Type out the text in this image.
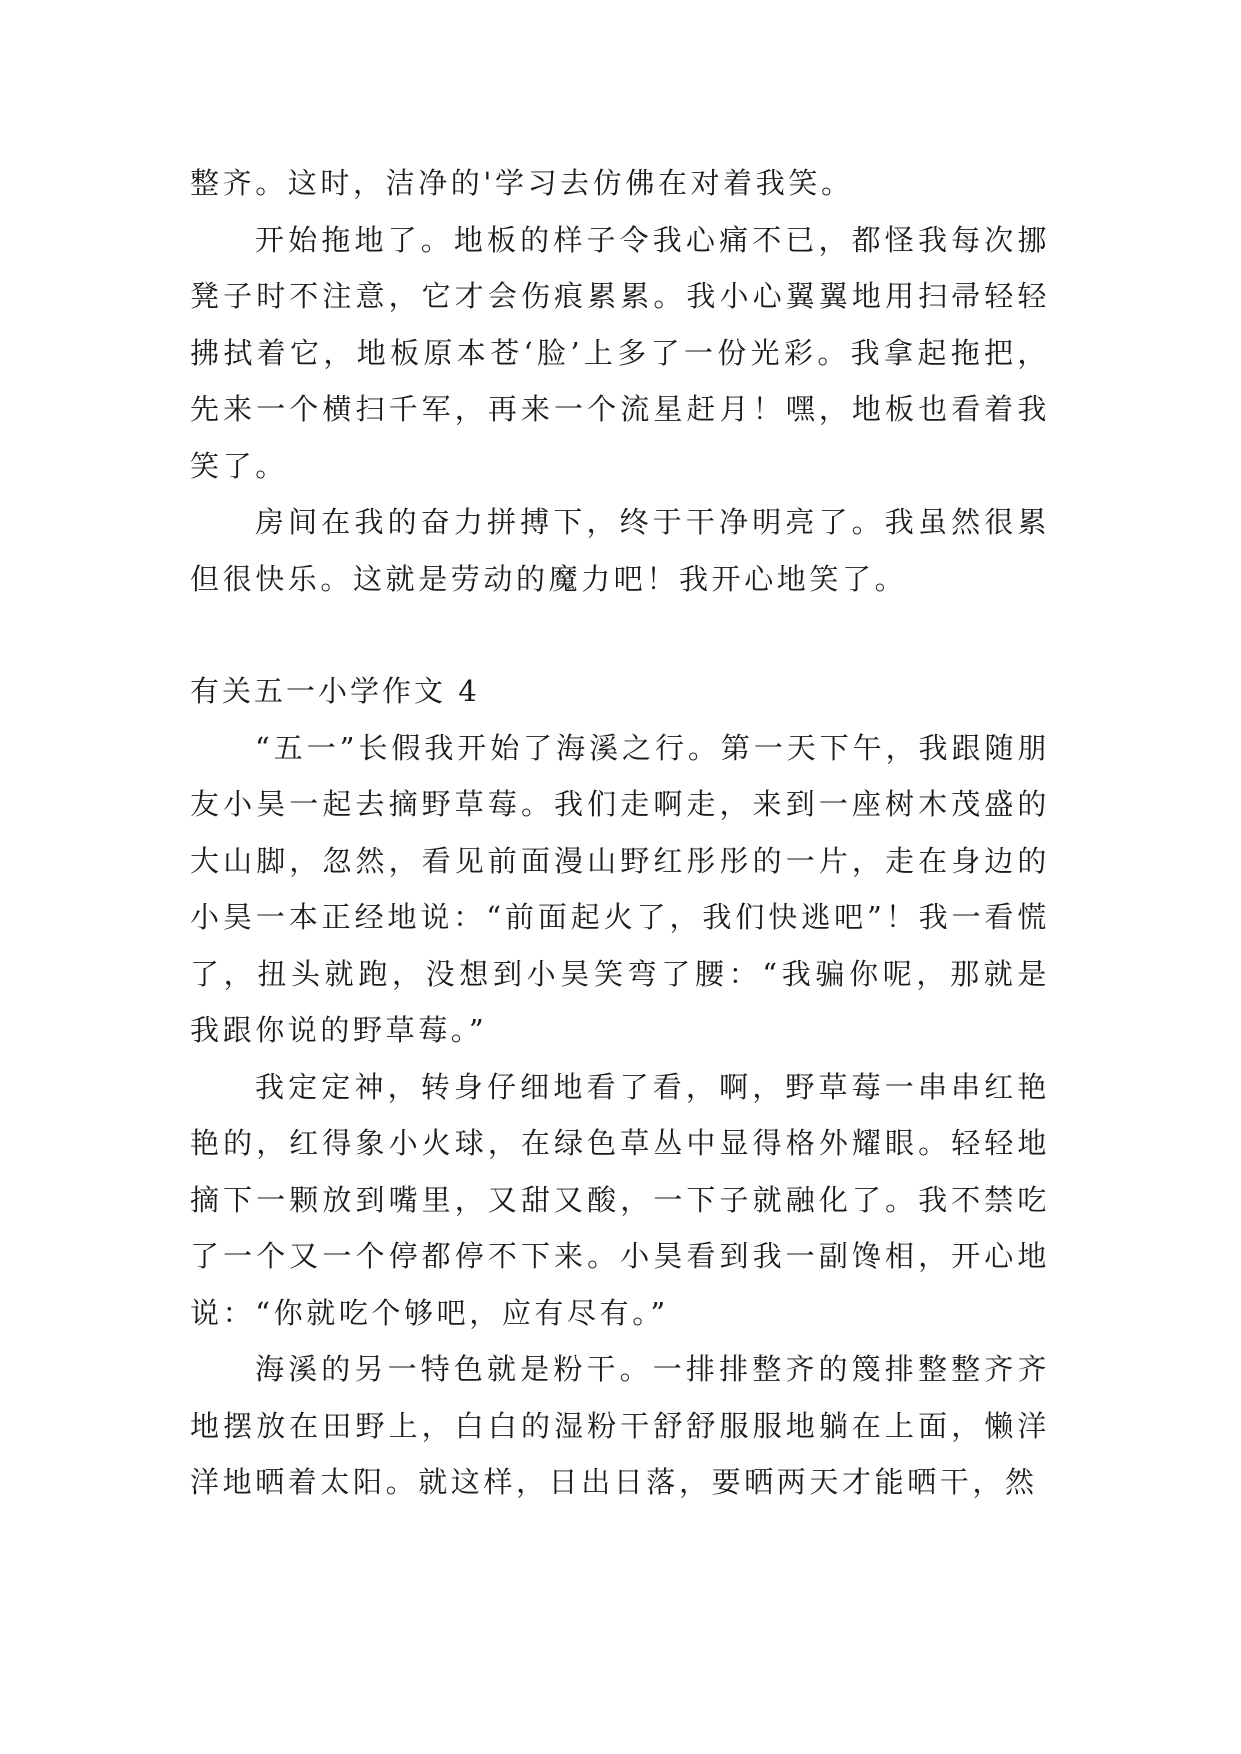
整齐。这时，洁净的'学习去仿佛在对着我笑。

开始拖地了。地板的样子令我心痛不已，都怪我每次挪凳子时不注意，它才会伤痕累累。我小心翼翼地用扫帚轻轻拂拭着它，地板原本苍‘脸’上多了一份光彩。我拿起拖把，先来一个横扫千军，再来一个流星赶月！嘿，地板也看着我笑了。

房间在我的奋力拼搏下，终于干净明亮了。我虽然很累但很快乐。这就是劳动的魔力吧！我开心地笑了。

有关五一小学作文 4

“五一”长假我开始了海溪之行。第一天下午，我跟随朋友小昊一起去摘野草莓。我们走啊走，来到一座树木茂盛的大山脚，忽然，看见前面漫山野红彤彤的一片，走在身边的小昊一本正经地说：“前面起火了，我们快逃吧”！我一看慌了，扭头就跑，没想到小昊笑弯了腰：“我骗你呢，那就是我跟你说的野草莓。”

我定定神，转身仔细地看了看，啊，野草莓一串串红艳艳的，红得象小火球，在绿色草丛中显得格外耀眼。轻轻地摘下一颗放到嘴里，又甜又酸，一下子就融化了。我不禁吃了一个又一个停都停不下来。小昊看到我一副馋相，开心地说：“你就吃个够吧，应有尽有。”

海溪的另一特色就是粉干。一排排整齐的篾排整整齐齐地摆放在田野上，白白的湿粉干舒舒服服地躺在上面，懒洋洋地晒着太阳。就这样，日出日落，要晒两天才能晒干，然
